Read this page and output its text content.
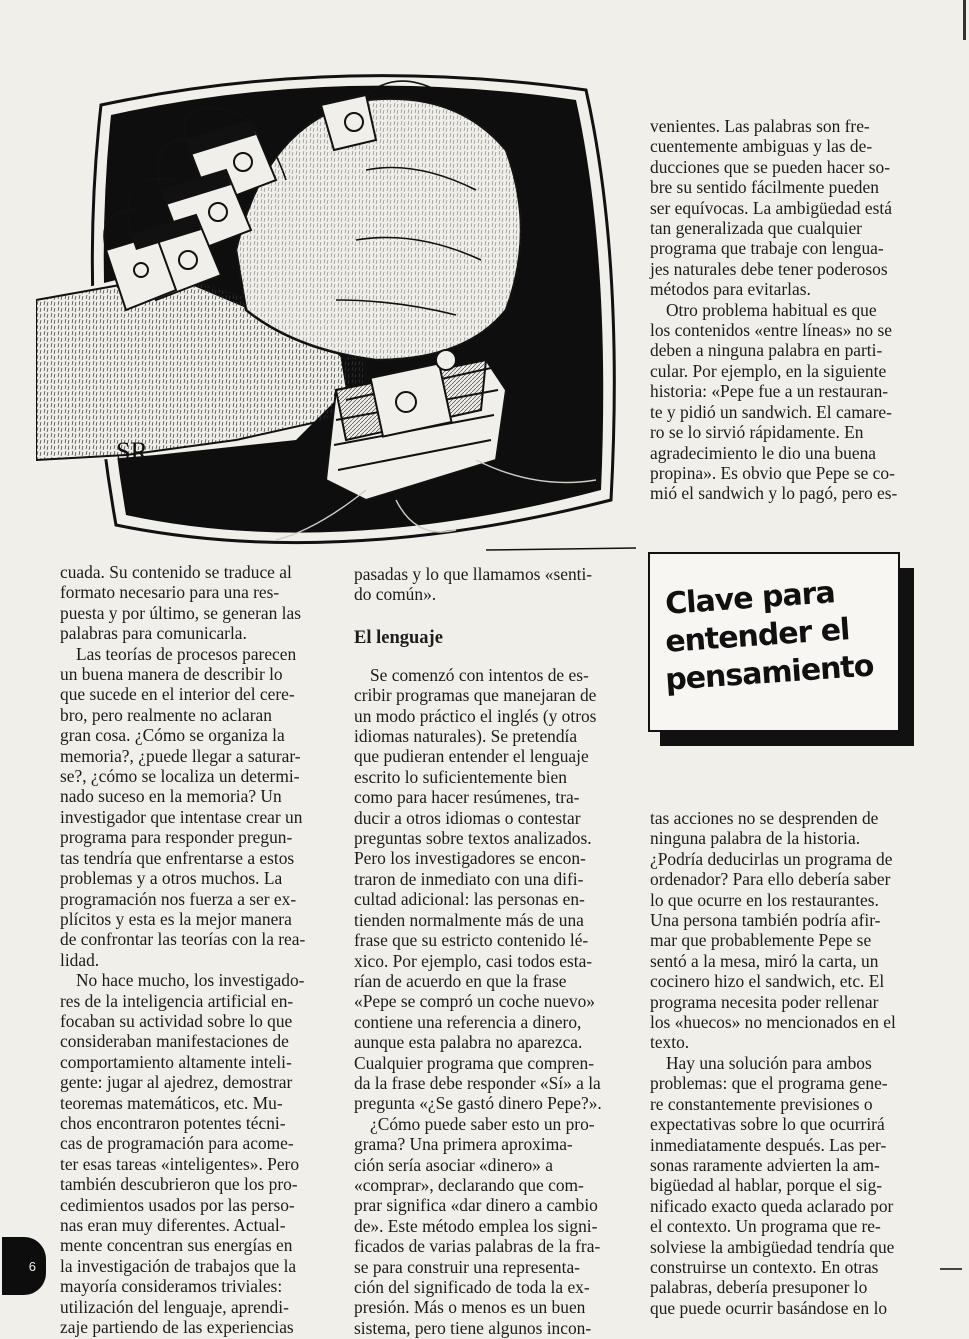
SR

venientes. Las palabras son fre-
cuentemente ambiguas y las de-
ducciones que se pueden hacer so-
bre su sentido fácilmente pueden
ser equívocas. La ambigüedad está
tan generalizada que cualquier
programa que trabaje con lengua-
jes naturales debe tener poderosos
métodos para evitarlas.

Otro problema habitual es que
los contenidos «entre líneas» no se
deben a ninguna palabra en parti-
cular. Por ejemplo, en la siguiente
historia: «Pepe fue a un restauran-
te y pidió un sandwich. El camare-
ro se lo sirvió rápidamente. En
agradecimiento le dio una buena
propina». Es obvio que Pepe se co-
mió el sandwich y lo pagó, pero es-

cuada. Su contenido se traduce al
formato necesario para una res-
puesta y por último, se generan las
palabras para comunicarla.

Las teorías de procesos parecen
un buena manera de describir lo
que sucede en el interior del cere-
bro, pero realmente no aclaran
gran cosa. ¿Cómo se organiza la
memoria?, ¿puede llegar a saturar-
se?, ¿cómo se localiza un determi-
nado suceso en la memoria? Un
investigador que intentase crear un
programa para responder pregun-
tas tendría que enfrentarse a estos
problemas y a otros muchos. La
programación nos fuerza a ser ex-
plícitos y esta es la mejor manera
de confrontar las teorías con la rea-
lidad.

No hace mucho, los investigado-
res de la inteligencia artificial en-
focaban su actividad sobre lo que
consideraban manifestaciones de
comportamiento altamente inteli-
gente: jugar al ajedrez, demostrar
teoremas matemáticos, etc. Mu-
chos encontraron potentes técni-
cas de programación para acome-
ter esas tareas «inteligentes». Pero
también descubrieron que los pro-
cedimientos usados por las perso-
nas eran muy diferentes. Actual-
mente concentran sus energías en
la investigación de trabajos que la
mayoría consideramos triviales:
utilización del lenguaje, aprendi-
zaje partiendo de las experiencias

pasadas y lo que llamamos «senti-
do común».

El lenguaje

Se comenzó con intentos de es-
cribir programas que manejaran de
un modo práctico el inglés (y otros
idiomas naturales). Se pretendía
que pudieran entender el lenguaje
escrito lo suficientemente bien
como para hacer resúmenes, tra-
ducir a otros idiomas o contestar
preguntas sobre textos analizados.
Pero los investigadores se encon-
traron de inmediato con una difi-
cultad adicional: las personas en-
tienden normalmente más de una
frase que su estricto contenido lé-
xico. Por ejemplo, casi todos esta-
rían de acuerdo en que la frase
«Pepe se compró un coche nuevo»
contiene una referencia a dinero,
aunque esta palabra no aparezca.
Cualquier programa que compren-
da la frase debe responder «Sí» a la
pregunta «¿Se gastó dinero Pepe?».

¿Cómo puede saber esto un pro-
grama? Una primera aproxima-
ción sería asociar «dinero» a
«comprar», declarando que com-
prar significa «dar dinero a cambio
de». Este método emplea los signi-
ficados de varias palabras de la fra-
se para construir una representa-
ción del significado de toda la ex-
presión. Más o menos es un buen
sistema, pero tiene algunos incon-

Clave para

entender el

pensamiento

tas acciones no se desprenden de
ninguna palabra de la historia.
¿Podría deducirlas un programa de
ordenador? Para ello debería saber
lo que ocurre en los restaurantes.
Una persona también podría afir-
mar que probablemente Pepe se
sentó a la mesa, miró la carta, un
cocinero hizo el sandwich, etc. El
programa necesita poder rellenar
los «huecos» no mencionados en el
texto.

Hay una solución para ambos
problemas: que el programa gene-
re constantemente previsiones o
expectativas sobre lo que ocurrirá
inmediatamente después. Las per-
sonas raramente advierten la am-
bigüedad al hablar, porque el sig-
nificado exacto queda aclarado por
el contexto. Un programa que re-
solviese la ambigüedad tendría que
construirse un contexto. En otras
palabras, debería presuponer lo
que puede ocurrir basándose en lo

6
